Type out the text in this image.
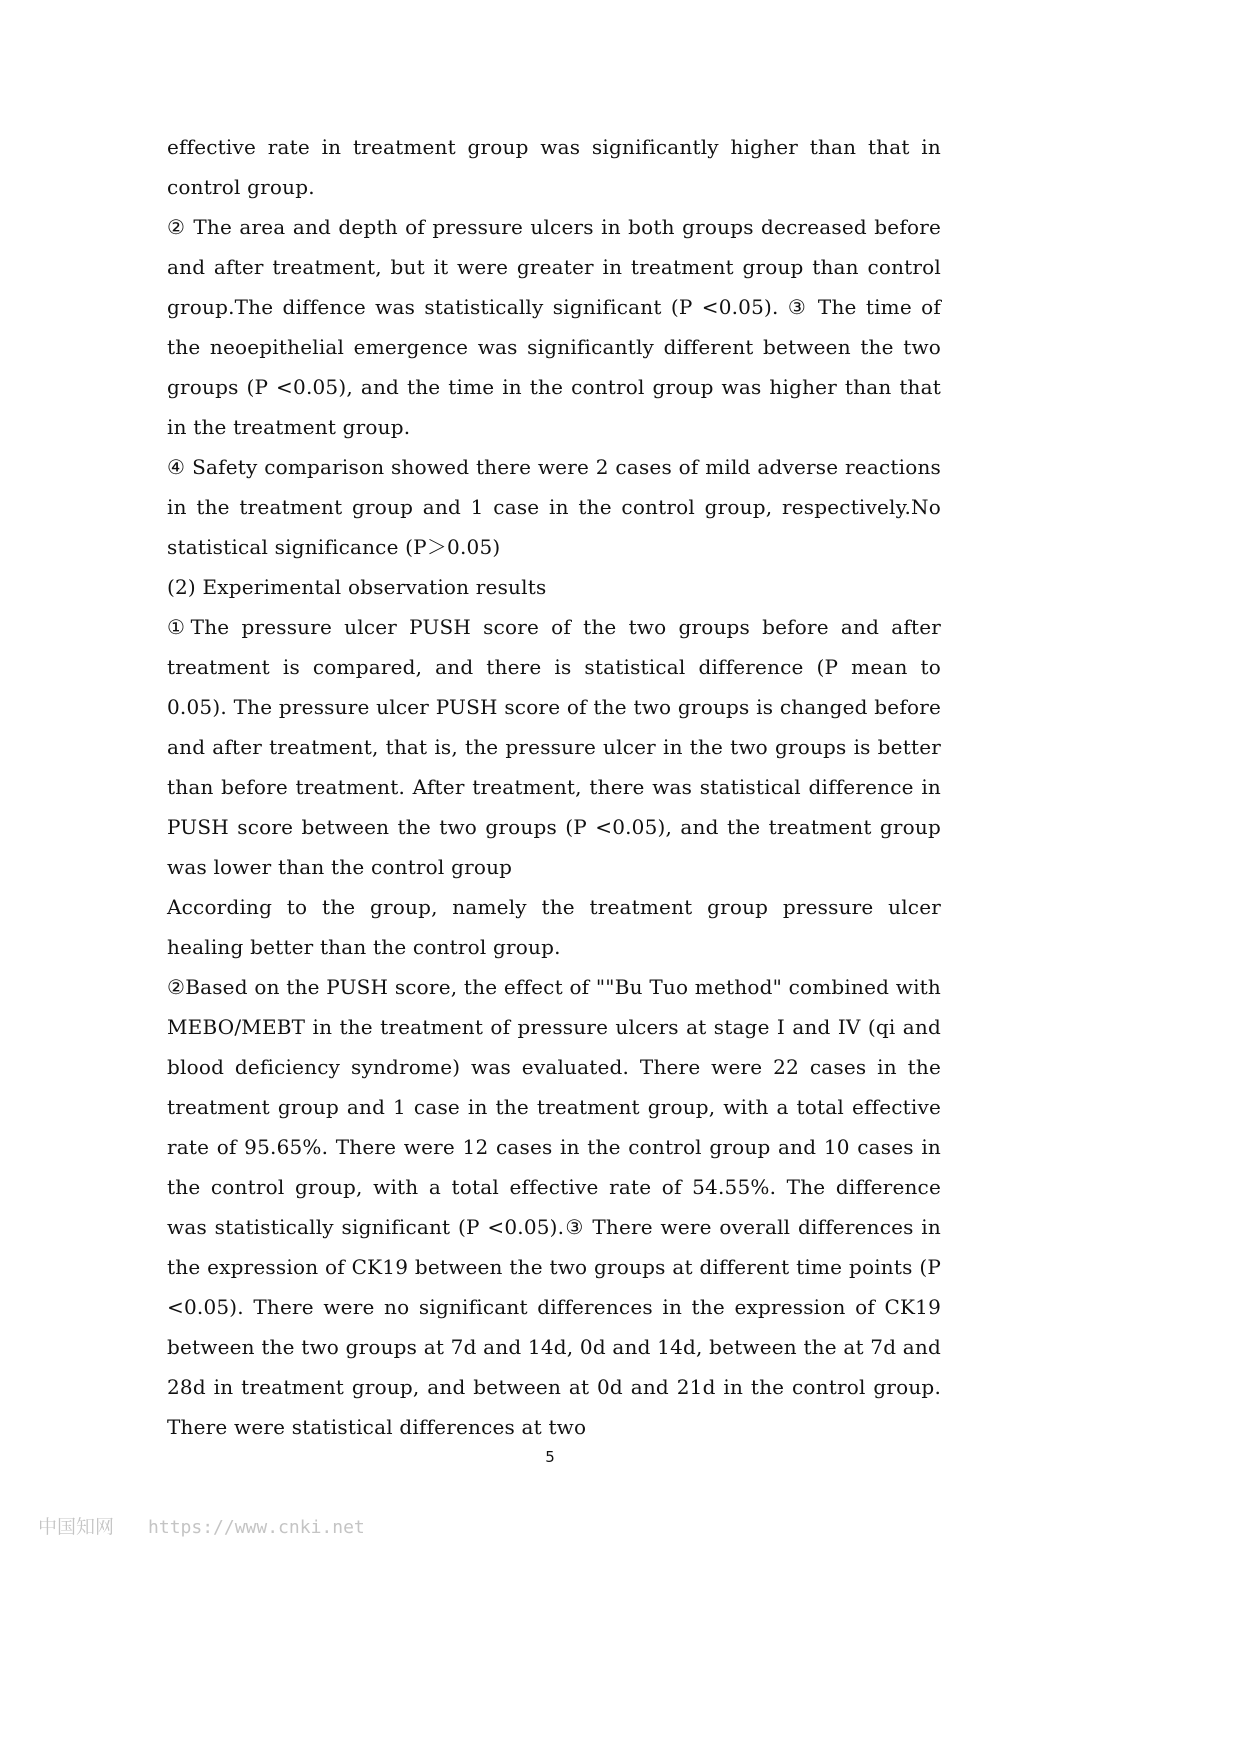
effective rate in treatment group was significantly higher than that in control group.

② The area and depth of pressure ulcers in both groups decreased before and after treatment, but it were greater in treatment group than control group.The diffence was statistically significant (P <0.05). ③ The time of the neoepithelial emergence was significantly different between the two groups (P <0.05), and the time in the control group was higher than that in the treatment group.

④ Safety comparison showed there were 2 cases of mild adverse reactions in the treatment group and 1 case in the control group, respectively.No statistical significance (P＞0.05)

(2) Experimental observation results

①The pressure ulcer PUSH score of the two groups before and after treatment is compared, and there is statistical difference (P mean to 0.05). The pressure ulcer PUSH score of the two groups is changed before and after treatment, that is, the pressure ulcer in the two groups is better than before treatment. After treatment, there was statistical difference in PUSH score between the two groups (P <0.05), and the treatment group was lower than the control group

According to the group, namely the treatment group pressure ulcer healing better than the control group.

②Based on the PUSH score, the effect of ""Bu Tuo method" combined with MEBO/MEBT in the treatment of pressure ulcers at stage I and IV (qi and blood deficiency syndrome) was evaluated. There were 22 cases in the treatment group and 1 case in the treatment group, with a total effective rate of 95.65%. There were 12 cases in the control group and 10 cases in the control group, with a total effective rate of 54.55%. The difference was statistically significant (P <0.05).③ There were overall differences in the expression of CK19 between the two groups at different time points (P <0.05). There were no significant differences in the expression of CK19 between the two groups at 7d and 14d, 0d and 14d, between the at 7d and 28d in treatment group, and between at 0d and 21d in the control group. There were statistical differences at two

5
中国知网 https://www.cnki.net
